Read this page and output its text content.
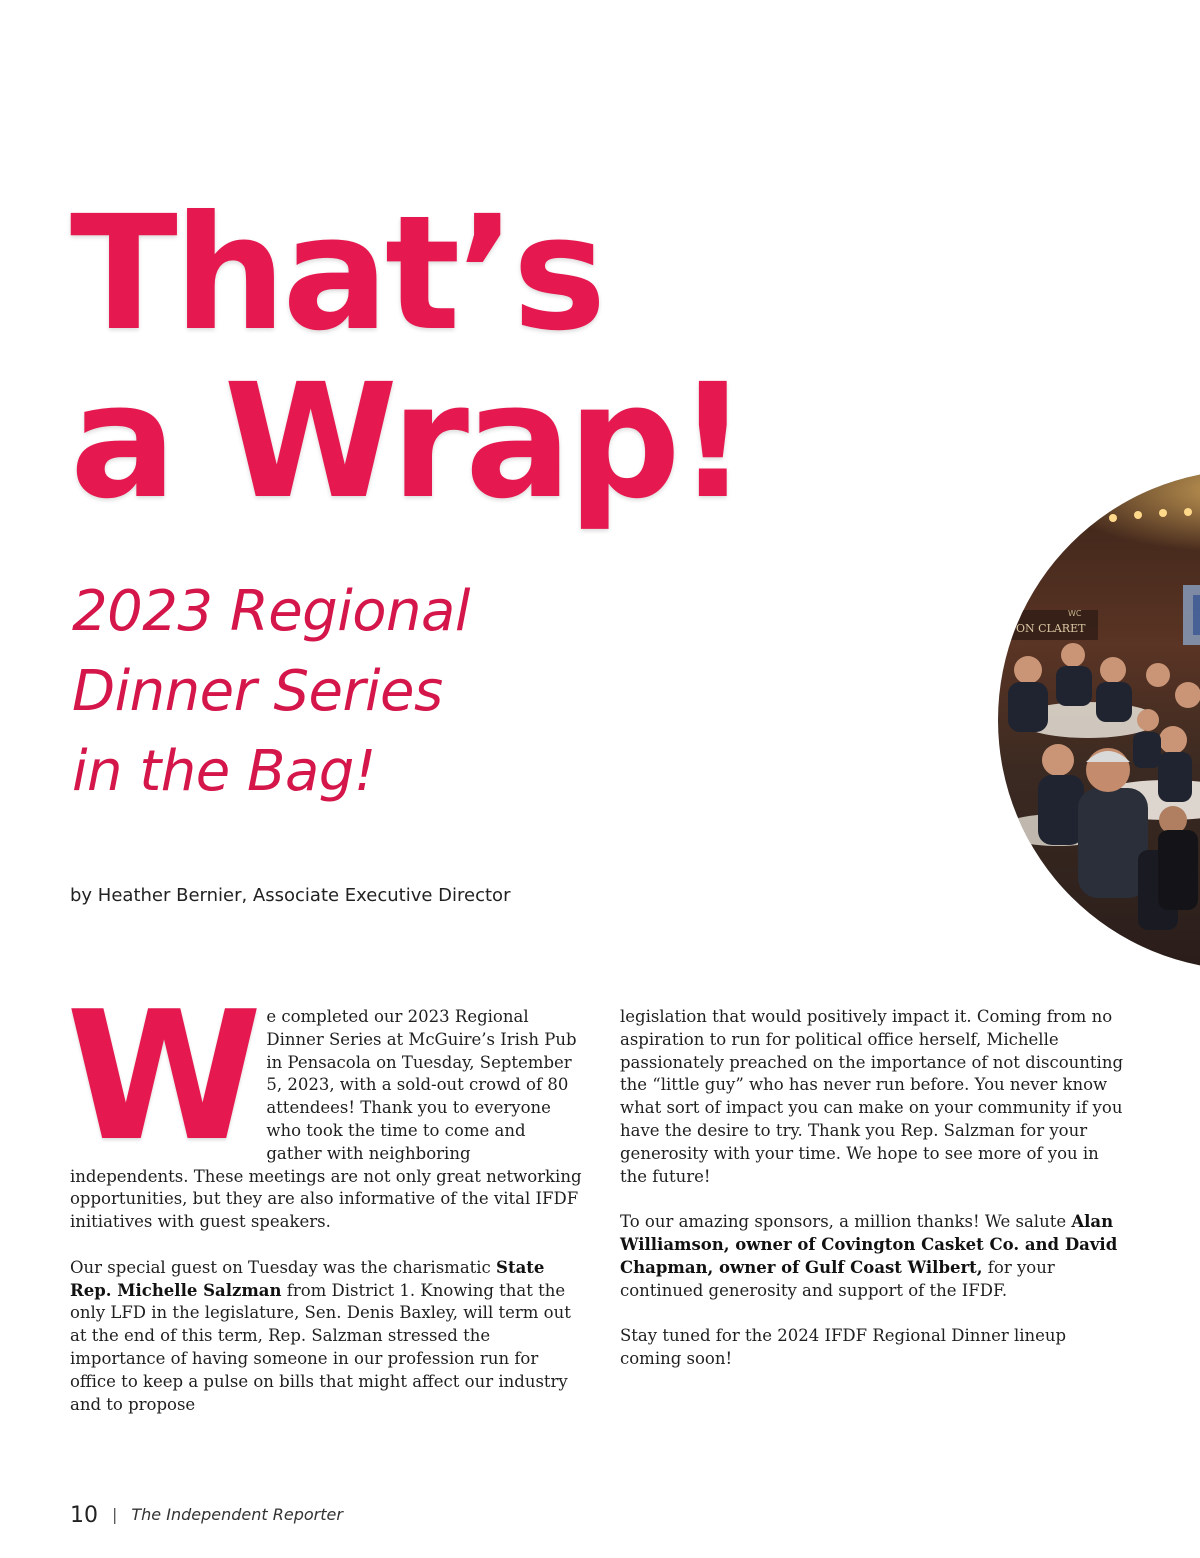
That’s
a Wrap!
2023 Regional
Dinner Series
in the Bag!
by Heather Bernier, Associate Executive Director
ON CLARET
WC

We completed our 2023 Regional Dinner Series at McGuire’s Irish Pub in Pensacola on Tuesday, September 5, 2023, with a sold-out crowd of 80 attendees! Thank you to everyone who took the time to come and gather with neighboring independents. These meetings are not only great networking opportunities, but they are also informative of the vital IFDF initiatives with guest speakers.

Our special guest on Tuesday was the charismatic State Rep. Michelle Salzman from District 1. Knowing that the only LFD in the legislature, Sen. Denis Baxley, will term out at the end of this term, Rep. Salzman stressed the importance of having someone in our profession run for office to keep a pulse on bills that might affect our industry and to propose

legislation that would positively impact it. Coming from no aspiration to run for political office herself, Michelle passionately preached on the importance of not discounting the “little guy” who has never run before. You never know what sort of impact you can make on your community if you have the desire to try. Thank you Rep. Salzman for your generosity with your time. We hope to see more of you in the future!

To our amazing sponsors, a million thanks! We salute Alan Williamson, owner of Covington Casket Co. and David Chapman, owner of Gulf Coast Wilbert, for your continued generosity and support of the IFDF.

Stay tuned for the 2024 IFDF Regional Dinner lineup coming soon!

10 | The Independent Reporter
